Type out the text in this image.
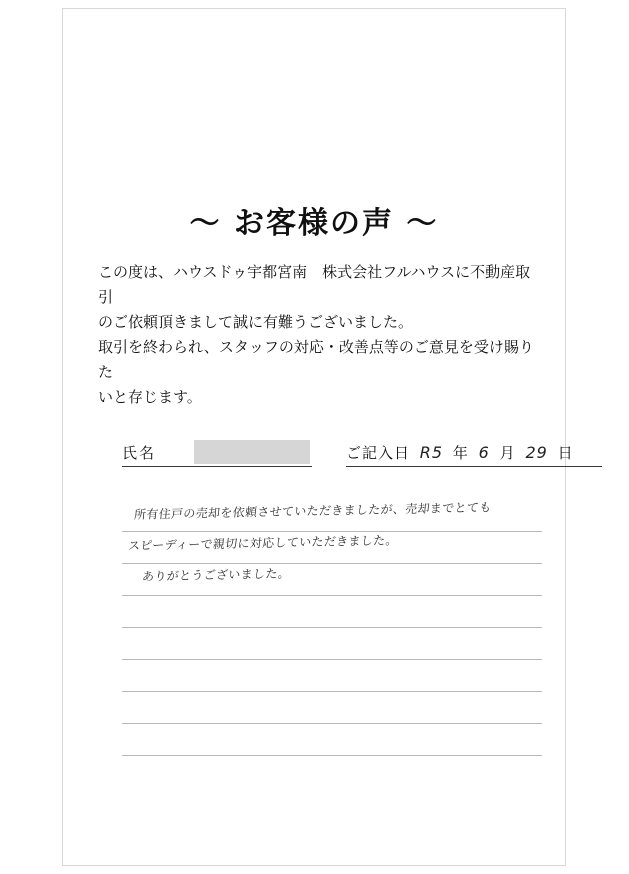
～ お客様の声 ～

この度は、ハウスドゥ宇都宮南　株式会社フルハウスに不動産取引

のご依頼頂きまして誠に有難うございました。

取引を終わられ、スタッフの対応・改善点等のご意見を受け賜りた

いと存じます。

氏名	ご記入日 R5 年 6 月 29 日
所有住戸の売却を依頼させていただきましたが、売却までとても
スピーディーで親切に対応していただきました。
ありがとうございました。
